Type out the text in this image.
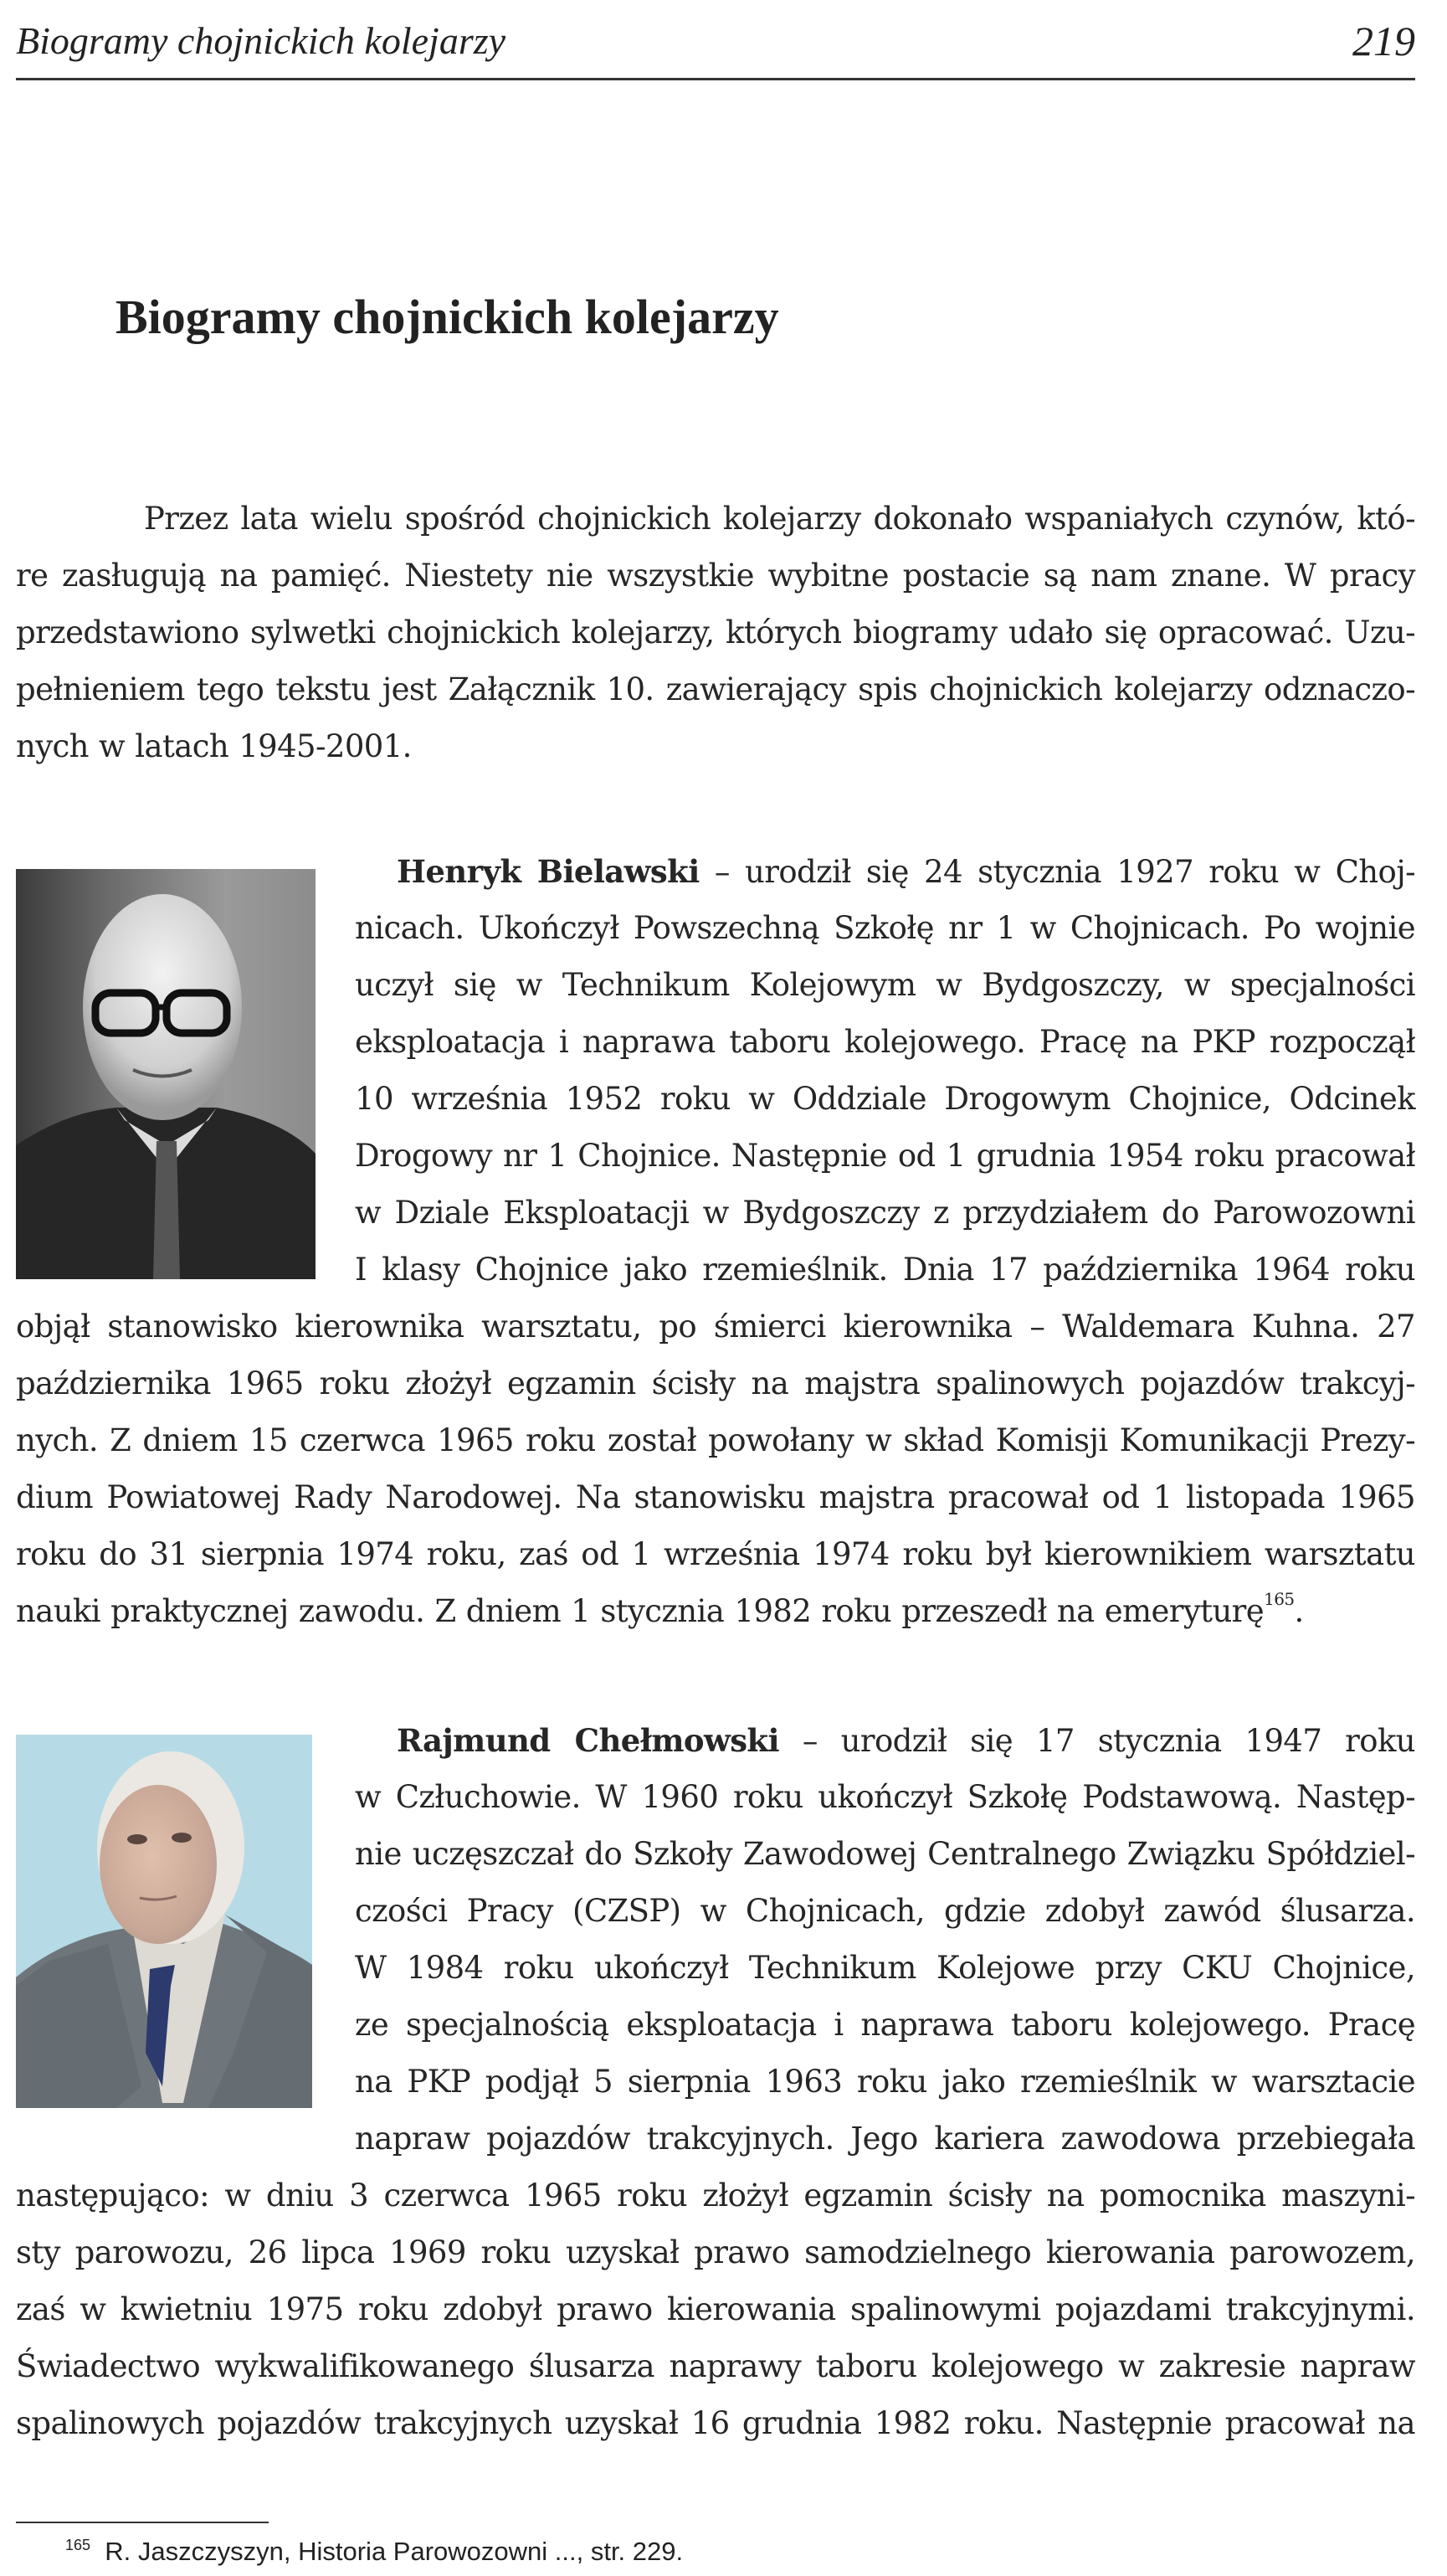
Biogramy chojnickich kolejarzy	219
Biogramy chojnickich kolejarzy
Przez lata wielu spośród chojnickich kolejarzy dokonało wspaniałych czynów, któ-
re zasługują na pamięć. Niestety nie wszystkie wybitne postacie są nam znane. W pracy
przedstawiono sylwetki chojnickich kolejarzy, których biogramy udało się opracować. Uzu-
pełnieniem tego tekstu jest Załącznik 10. zawierający spis chojnickich kolejarzy odznaczo-
nych w latach 1945-2001.
Henryk Bielawski – urodził się 24 stycznia 1927 roku w Choj-
nicach. Ukończył Powszechną Szkołę nr 1 w Chojnicach. Po wojnie
uczył się w Technikum Kolejowym w Bydgoszczy, w specjalności
eksploatacja i naprawa taboru kolejowego. Pracę na PKP rozpoczął
10 września 1952 roku w Oddziale Drogowym Chojnice, Odcinek
Drogowy nr 1 Chojnice. Następnie od 1 grudnia 1954 roku pracował
w Dziale Eksploatacji w Bydgoszczy z przydziałem do Parowozowni
I klasy Chojnice jako rzemieślnik. Dnia 17 października 1964 roku
objął stanowisko kierownika warsztatu, po śmierci kierownika – Waldemara Kuhna. 27
października 1965 roku złożył egzamin ścisły na majstra spalinowych pojazdów trakcyj-
nych. Z dniem 15 czerwca 1965 roku został powołany w skład Komisji Komunikacji Prezy-
dium Powiatowej Rady Narodowej. Na stanowisku majstra pracował od 1 listopada 1965
roku do 31 sierpnia 1974 roku, zaś od 1 września 1974 roku był kierownikiem warsztatu
nauki praktycznej zawodu. Z dniem 1 stycznia 1982 roku przeszedł na emeryturę$^{165}$.
Rajmund Chełmowski – urodził się 17 stycznia 1947 roku
w Człuchowie. W 1960 roku ukończył Szkołę Podstawową. Następ-
nie uczęszczał do Szkoły Zawodowej Centralnego Związku Spółdziel-
czości Pracy (CZSP) w Chojnicach, gdzie zdobył zawód ślusarza.
W 1984 roku ukończył Technikum Kolejowe przy CKU Chojnice,
ze specjalnością eksploatacja i naprawa taboru kolejowego. Pracę
na PKP podjął 5 sierpnia 1963 roku jako rzemieślnik w warsztacie
napraw pojazdów trakcyjnych. Jego kariera zawodowa przebiegała
następująco: w dniu 3 czerwca 1965 roku złożył egzamin ścisły na pomocnika maszyni-
sty parowozu, 26 lipca 1969 roku uzyskał prawo samodzielnego kierowania parowozem,
zaś w kwietniu 1975 roku zdobył prawo kierowania spalinowymi pojazdami trakcyjnymi.
Świadectwo wykwalifikowanego ślusarza naprawy taboru kolejowego w zakresie napraw
spalinowych pojazdów trakcyjnych uzyskał 16 grudnia 1982 roku. Następnie pracował na
$^{165}$ R. Jaszczyszyn, Historia Parowozowni ..., str. 229.
